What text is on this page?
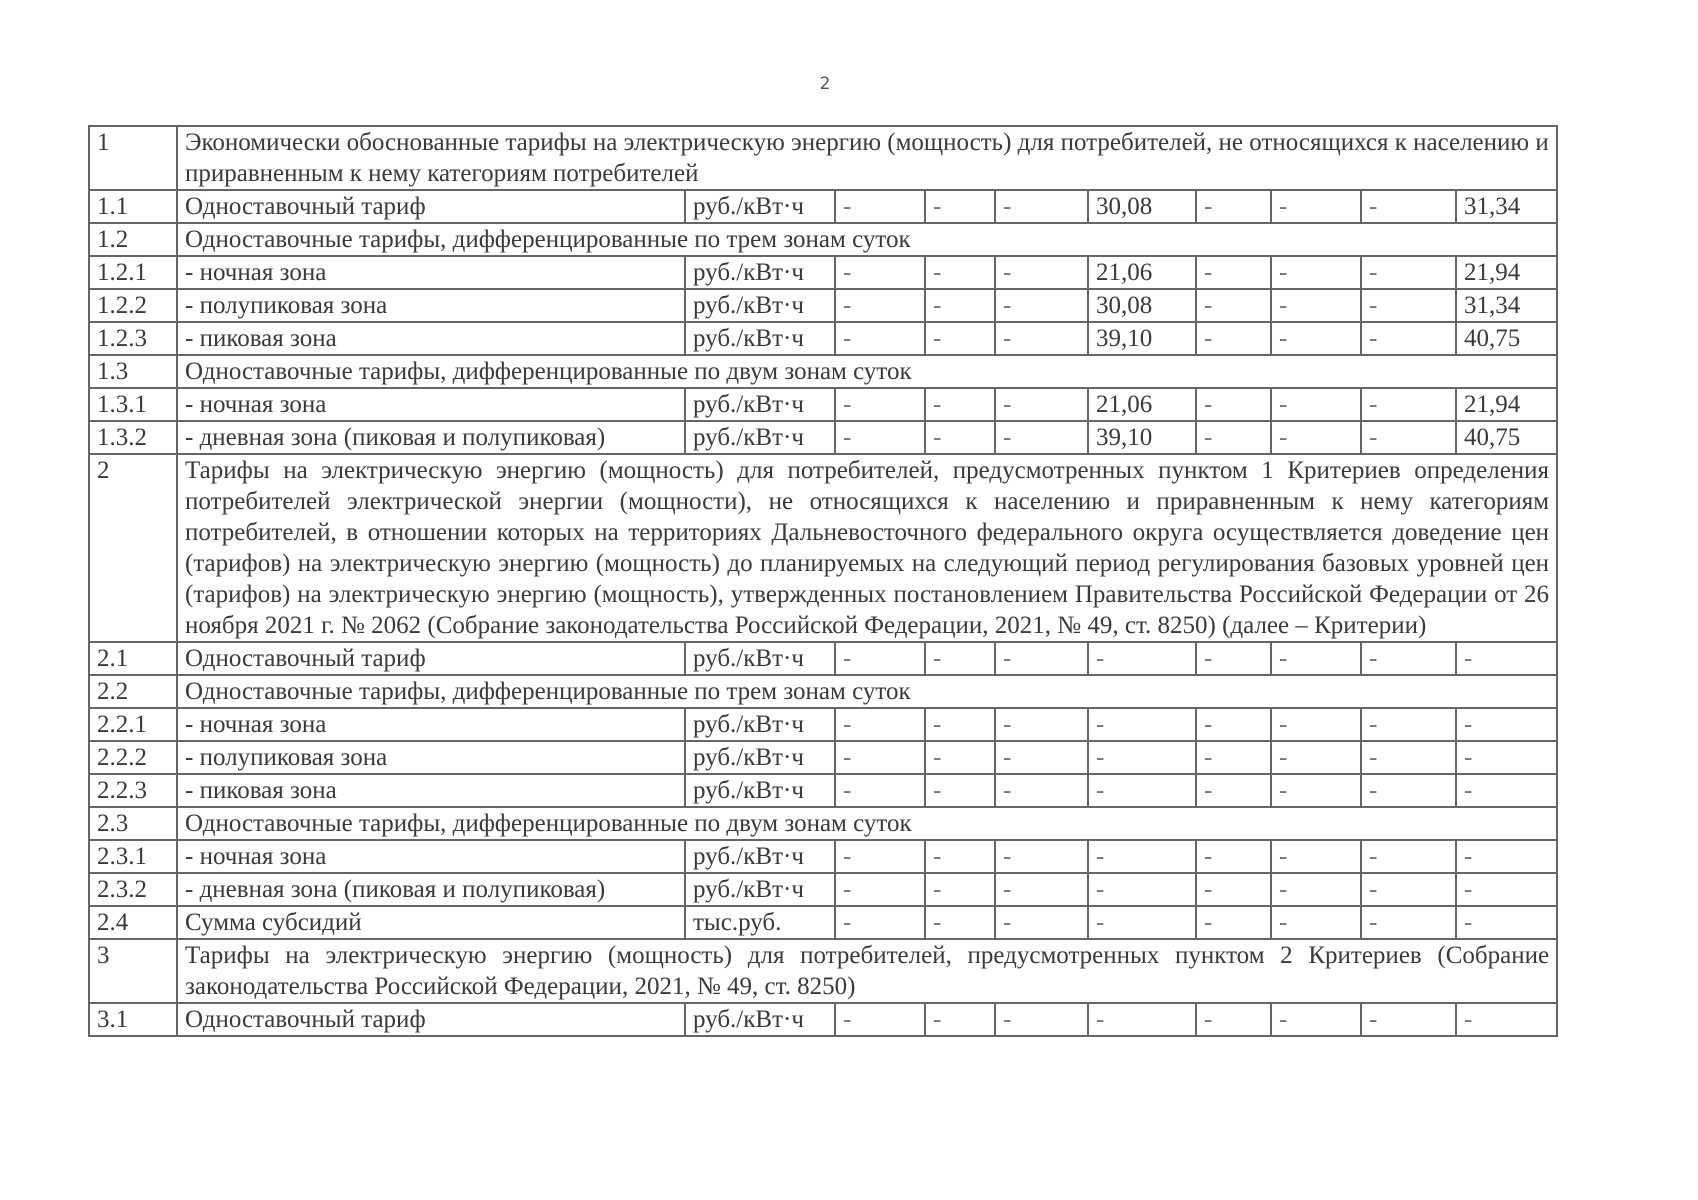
2
1	Экономически обоснованные тарифы на электрическую энергию (мощность) для потребителей, не относящихся к населению и приравненным к нему категориям потребителей									
1.1	Одноставочный тариф	руб./кВт·ч	-	-	-	30,08	-	-	-	31,34
1.2	Одноставочные тарифы, дифференцированные по трем зонам суток									
1.2.1	- ночная зона	руб./кВт·ч	-	-	-	21,06	-	-	-	21,94
1.2.2	- полупиковая зона	руб./кВт·ч	-	-	-	30,08	-	-	-	31,34
1.2.3	- пиковая зона	руб./кВт·ч	-	-	-	39,10	-	-	-	40,75
1.3	Одноставочные тарифы, дифференцированные по двум зонам суток									
1.3.1	- ночная зона	руб./кВт·ч	-	-	-	21,06	-	-	-	21,94
1.3.2	- дневная зона (пиковая и полупиковая)	руб./кВт·ч	-	-	-	39,10	-	-	-	40,75
2	Тарифы на электрическую энергию (мощность) для потребителей, предусмотренных пунктом 1 Критериев определения потребителей электрической энергии (мощности), не относящихся к населению и приравненным к нему категориям потребителей, в отношении которых на территориях Дальневосточного федерального округа осуществляется доведение цен (тарифов) на электрическую энергию (мощность) до планируемых на следующий период регулирования базовых уровней цен (тарифов) на электрическую энергию (мощность), утвержденных постановлением Правительства Российской Федерации от 26 ноября 2021 г. № 2062 (Собрание законодательства Российской Федерации, 2021, № 49, ст. 8250) (далее – Критерии)									
2.1	Одноставочный тариф	руб./кВт·ч	-	-	-	-	-	-	-	-
2.2	Одноставочные тарифы, дифференцированные по трем зонам суток									
2.2.1	- ночная зона	руб./кВт·ч	-	-	-	-	-	-	-	-
2.2.2	- полупиковая зона	руб./кВт·ч	-	-	-	-	-	-	-	-
2.2.3	- пиковая зона	руб./кВт·ч	-	-	-	-	-	-	-	-
2.3	Одноставочные тарифы, дифференцированные по двум зонам суток									
2.3.1	- ночная зона	руб./кВт·ч	-	-	-	-	-	-	-	-
2.3.2	- дневная зона (пиковая и полупиковая)	руб./кВт·ч	-	-	-	-	-	-	-	-
2.4	Сумма субсидий	тыс.руб.	-	-	-	-	-	-	-	-
3	Тарифы на электрическую энергию (мощность) для потребителей, предусмотренных пунктом 2 Критериев (Собрание законодательства Российской Федерации, 2021, № 49, ст. 8250)									
3.1	Одноставочный тариф	руб./кВт·ч	-	-	-	-	-	-	-	-
